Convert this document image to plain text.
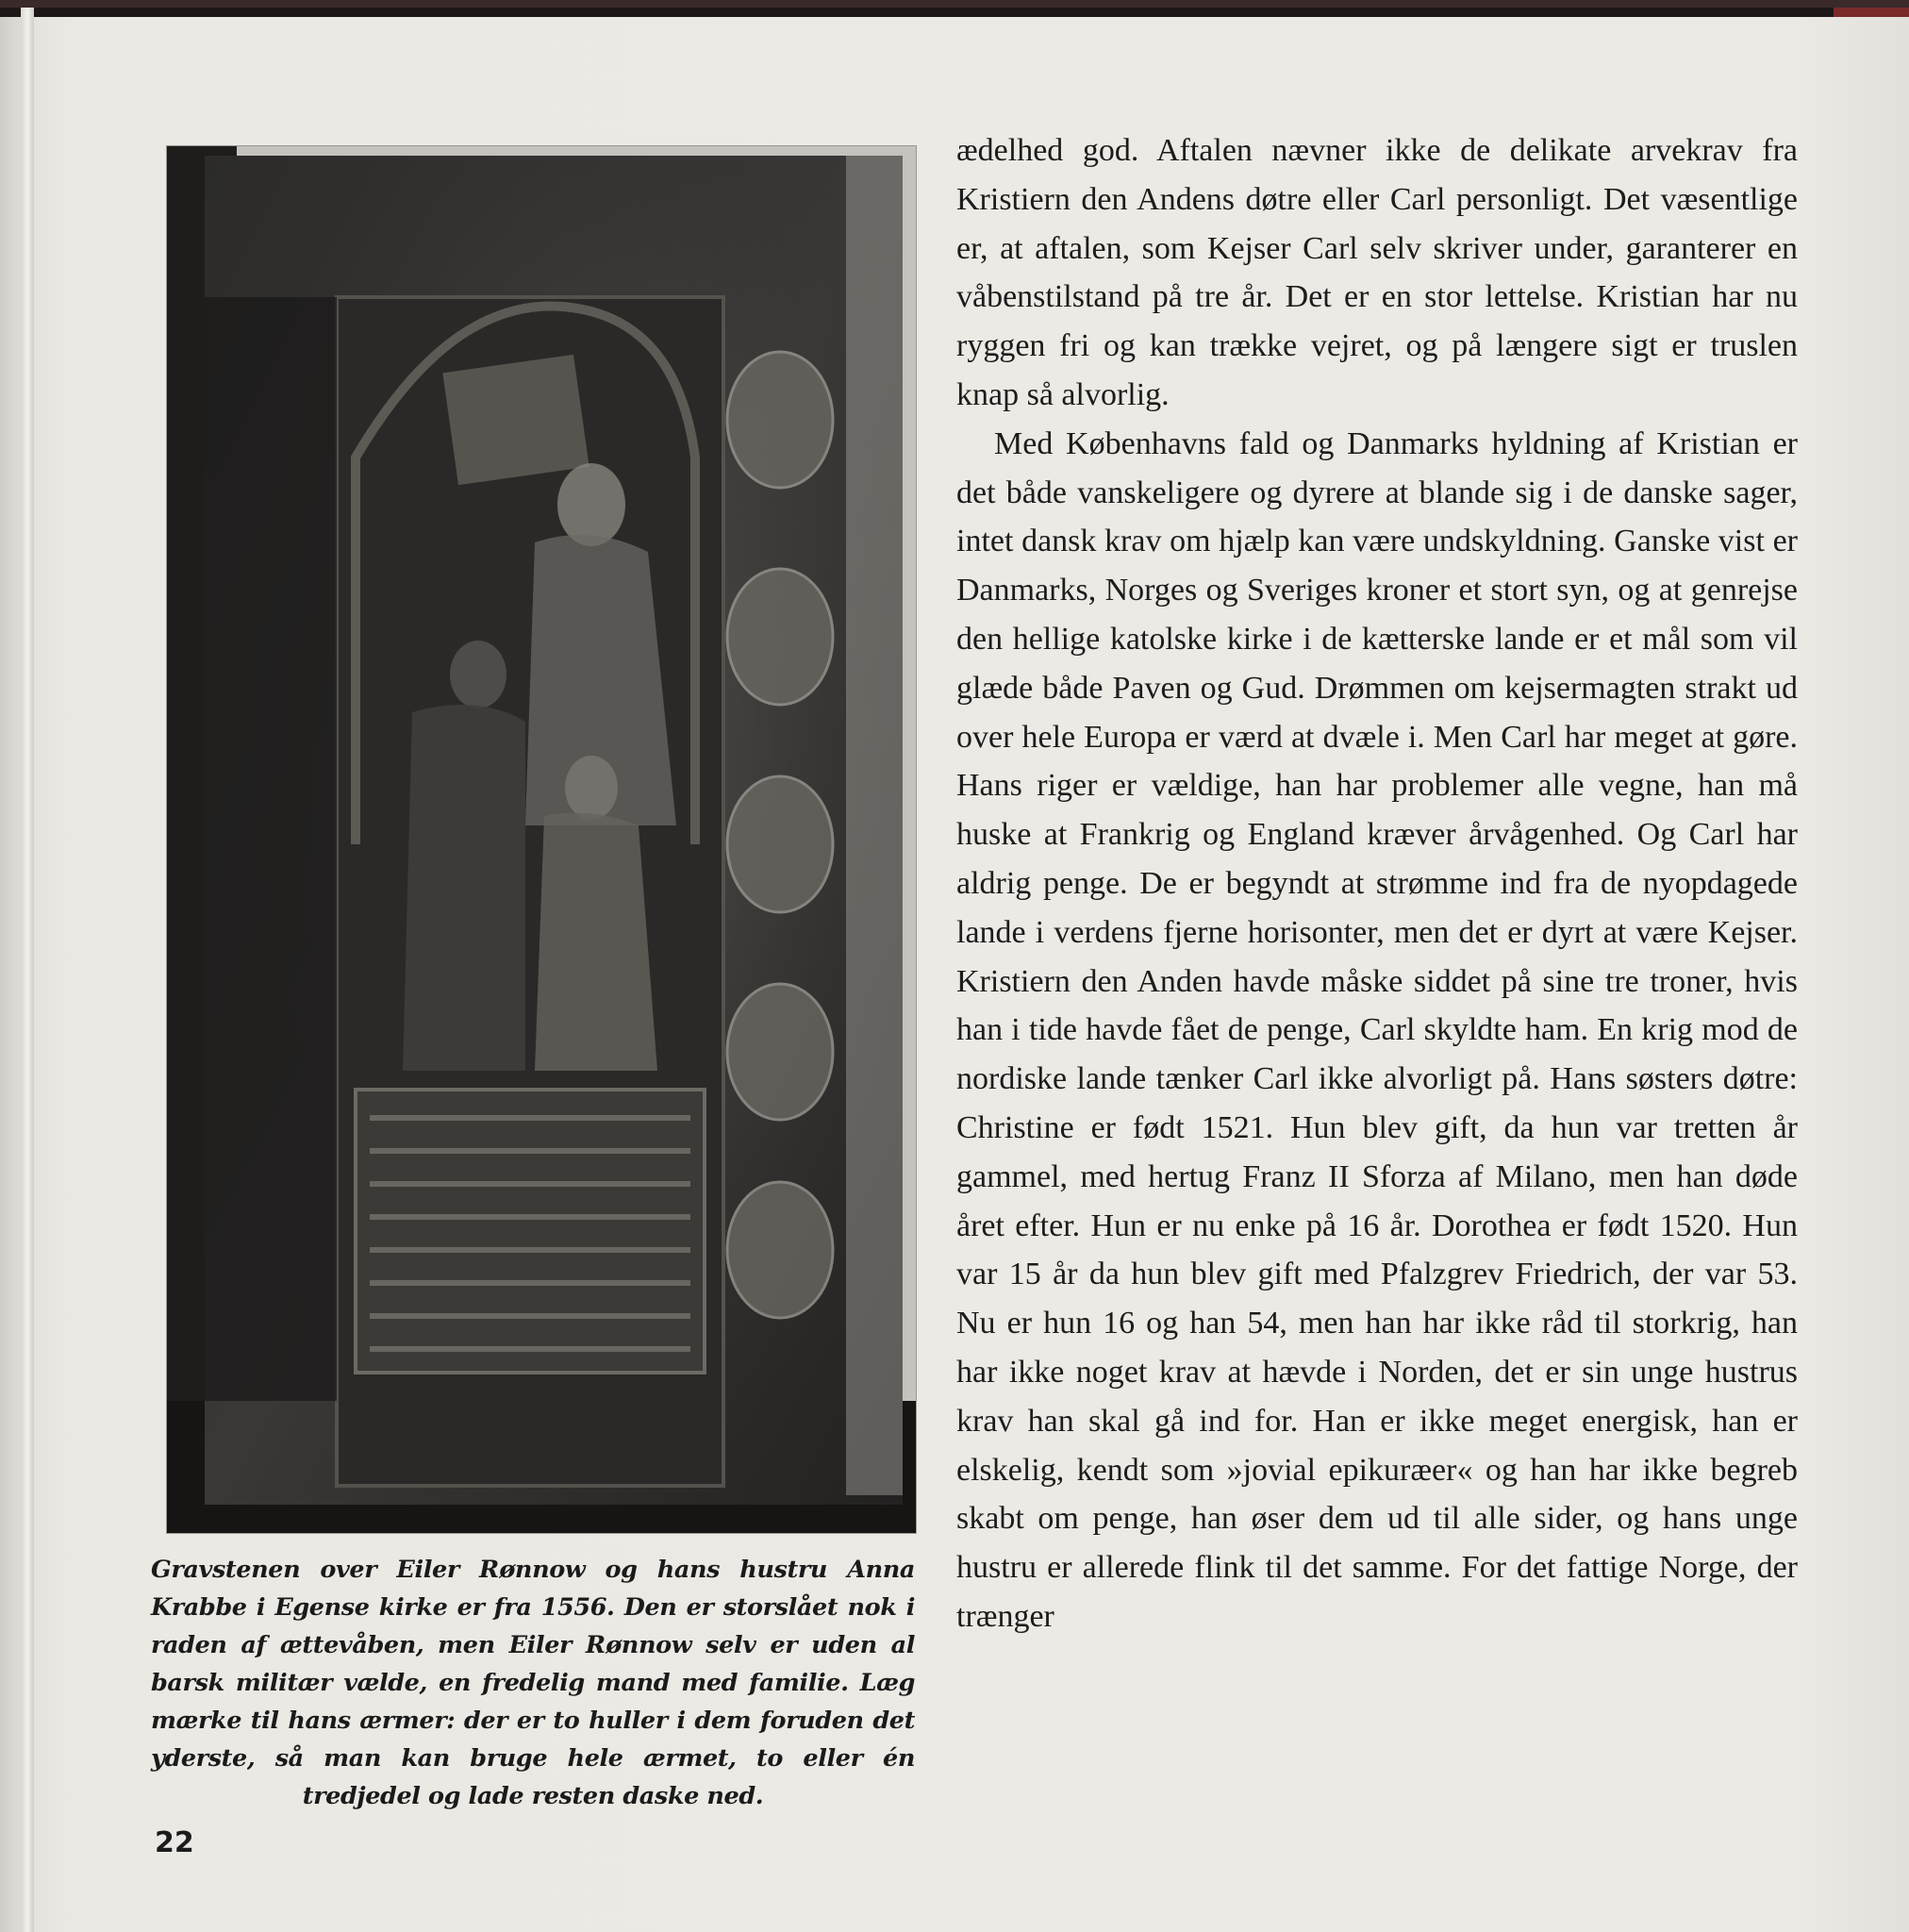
Gravstenen over Eiler Rønnow og hans hustru Anna Krabbe i Egense kirke er fra 1556. Den er storslået nok i raden af ættevåben, men Eiler Rønnow selv er uden al barsk militær vælde, en fredelig mand med familie. Læg mærke til hans ærmer: der er to huller i dem foruden det yderste, så man kan bruge hele ærmet, to eller én tredjedel og lade resten daske ned.
22

ædelhed god. Aftalen nævner ikke de delikate arvekrav fra Kristiern den Andens døtre eller Carl personligt. Det væsentlige er, at aftalen, som Kejser Carl selv skriver under, garanterer en våbenstilstand på tre år. Det er en stor lettelse. Kristian har nu ryggen fri og kan trække vejret, og på længere sigt er truslen knap så alvorlig.

Med Københavns fald og Danmarks hyldning af Kristian er det både vanskeligere og dyrere at blande sig i de danske sager, intet dansk krav om hjælp kan være undskyldning. Ganske vist er Danmarks, Norges og Sveriges kroner et stort syn, og at genrejse den hellige katolske kirke i de kætterske lande er et mål som vil glæde både Paven og Gud. Drømmen om kejsermagten strakt ud over hele Europa er værd at dvæle i. Men Carl har meget at gøre. Hans riger er vældige, han har problemer alle vegne, han må huske at Frankrig og England kræver årvågenhed. Og Carl har aldrig penge. De er begyndt at strømme ind fra de nyopdagede lande i verdens fjerne horisonter, men det er dyrt at være Kejser. Kristiern den Anden havde måske siddet på sine tre troner, hvis han i tide havde fået de penge, Carl skyldte ham. En krig mod de nordiske lande tænker Carl ikke alvorligt på. Hans søsters døtre: Christine er født 1521. Hun blev gift, da hun var tretten år gammel, med hertug Franz II Sforza af Milano, men han døde året efter. Hun er nu enke på 16 år. Dorothea er født 1520. Hun var 15 år da hun blev gift med Pfalzgrev Friedrich, der var 53. Nu er hun 16 og han 54, men han har ikke råd til storkrig, han har ikke noget krav at hævde i Norden, det er sin unge hustrus krav han skal gå ind for. Han er ikke meget energisk, han er elskelig, kendt som »jovial epikuræer« og han har ikke begreb skabt om penge, han øser dem ud til alle sider, og hans unge hustru er allerede flink til det samme. For det fattige Norge, der trænger
